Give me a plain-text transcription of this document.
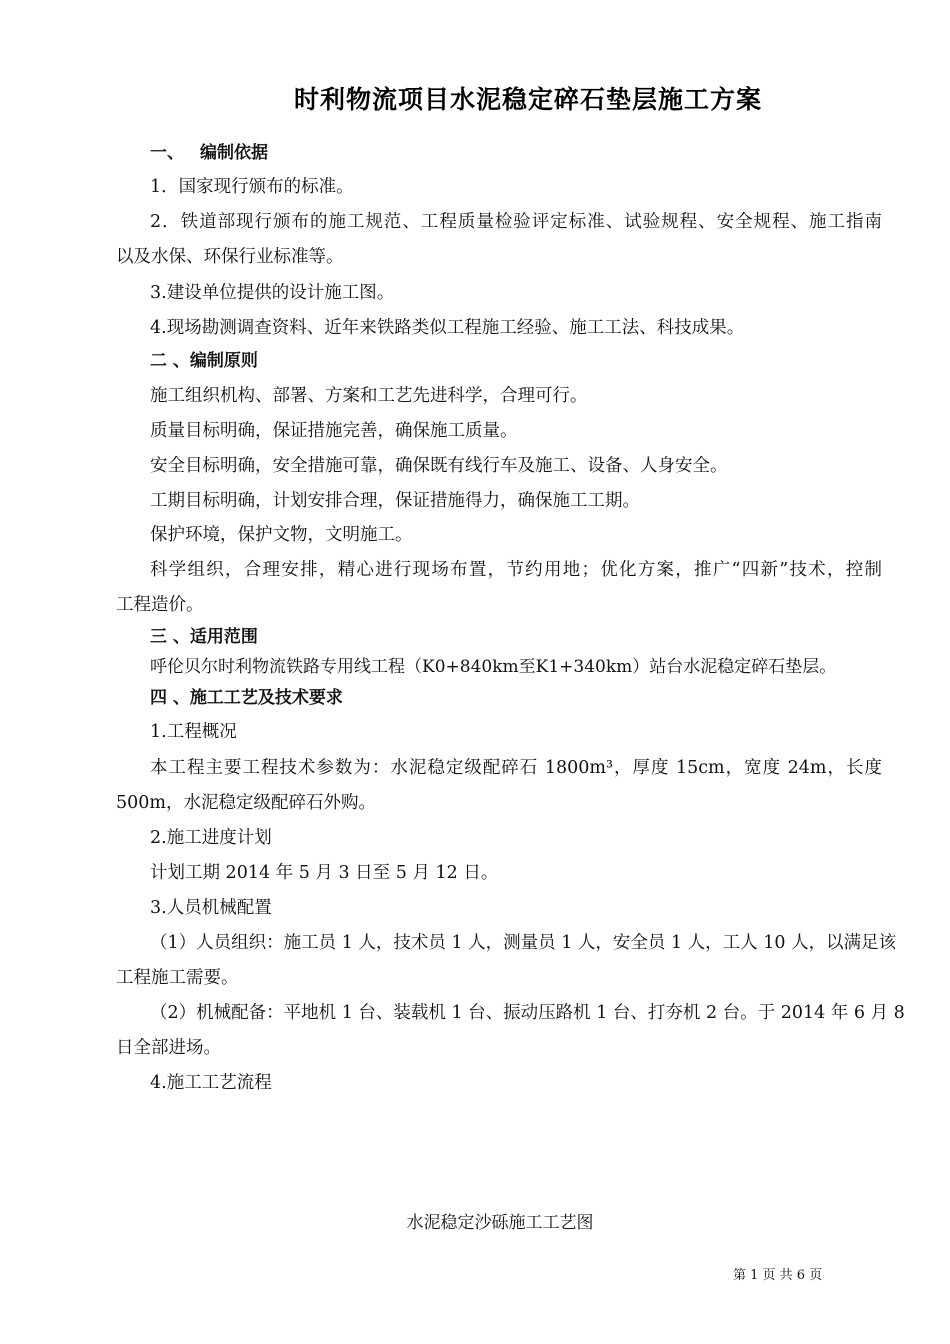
时利物流项目水泥稳定碎石垫层施工方案
一、 编制依据
1．国家现行颁布的标准。
2．铁道部现行颁布的施工规范、工程质量检验评定标准、试验规程、安全规程、施工指南
以及水保、环保行业标准等。
3.建设单位提供的设计施工图。
4.现场勘测调查资料、近年来铁路类似工程施工经验、施工工法、科技成果。
二 、编制原则
施工组织机构、部署、方案和工艺先进科学，合理可行。
质量目标明确，保证措施完善，确保施工质量。
安全目标明确，安全措施可靠，确保既有线行车及施工、设备、人身安全。
工期目标明确，计划安排合理，保证措施得力，确保施工工期。
保护环境，保护文物，文明施工。
科学组织，合理安排，精心进行现场布置，节约用地；优化方案，推广“四新”技术，控制
工程造价。
三 、适用范围
呼伦贝尔时利物流铁路专用线工程（K0+840km至K1+340km）站台水泥稳定碎石垫层。
四 、施工工艺及技术要求
1.工程概况
本工程主要工程技术参数为：水泥稳定级配碎石 1800m³，厚度 15cm，宽度 24m，长度
500m，水泥稳定级配碎石外购。
2.施工进度计划
计划工期 2014 年 5 月 3 日至 5 月 12 日。
3.人员机械配置
（1）人员组织：施工员 1 人，技术员 1 人，测量员 1 人，安全员 1 人，工人 10 人，以满足该
工程施工需要。
（2）机械配备：平地机 1 台、装载机 1 台、振动压路机 1 台、打夯机 2 台。于 2014 年 6 月 8
日全部进场。
4.施工工艺流程
水泥稳定沙砾施工工艺图
第 1 页 共 6 页
